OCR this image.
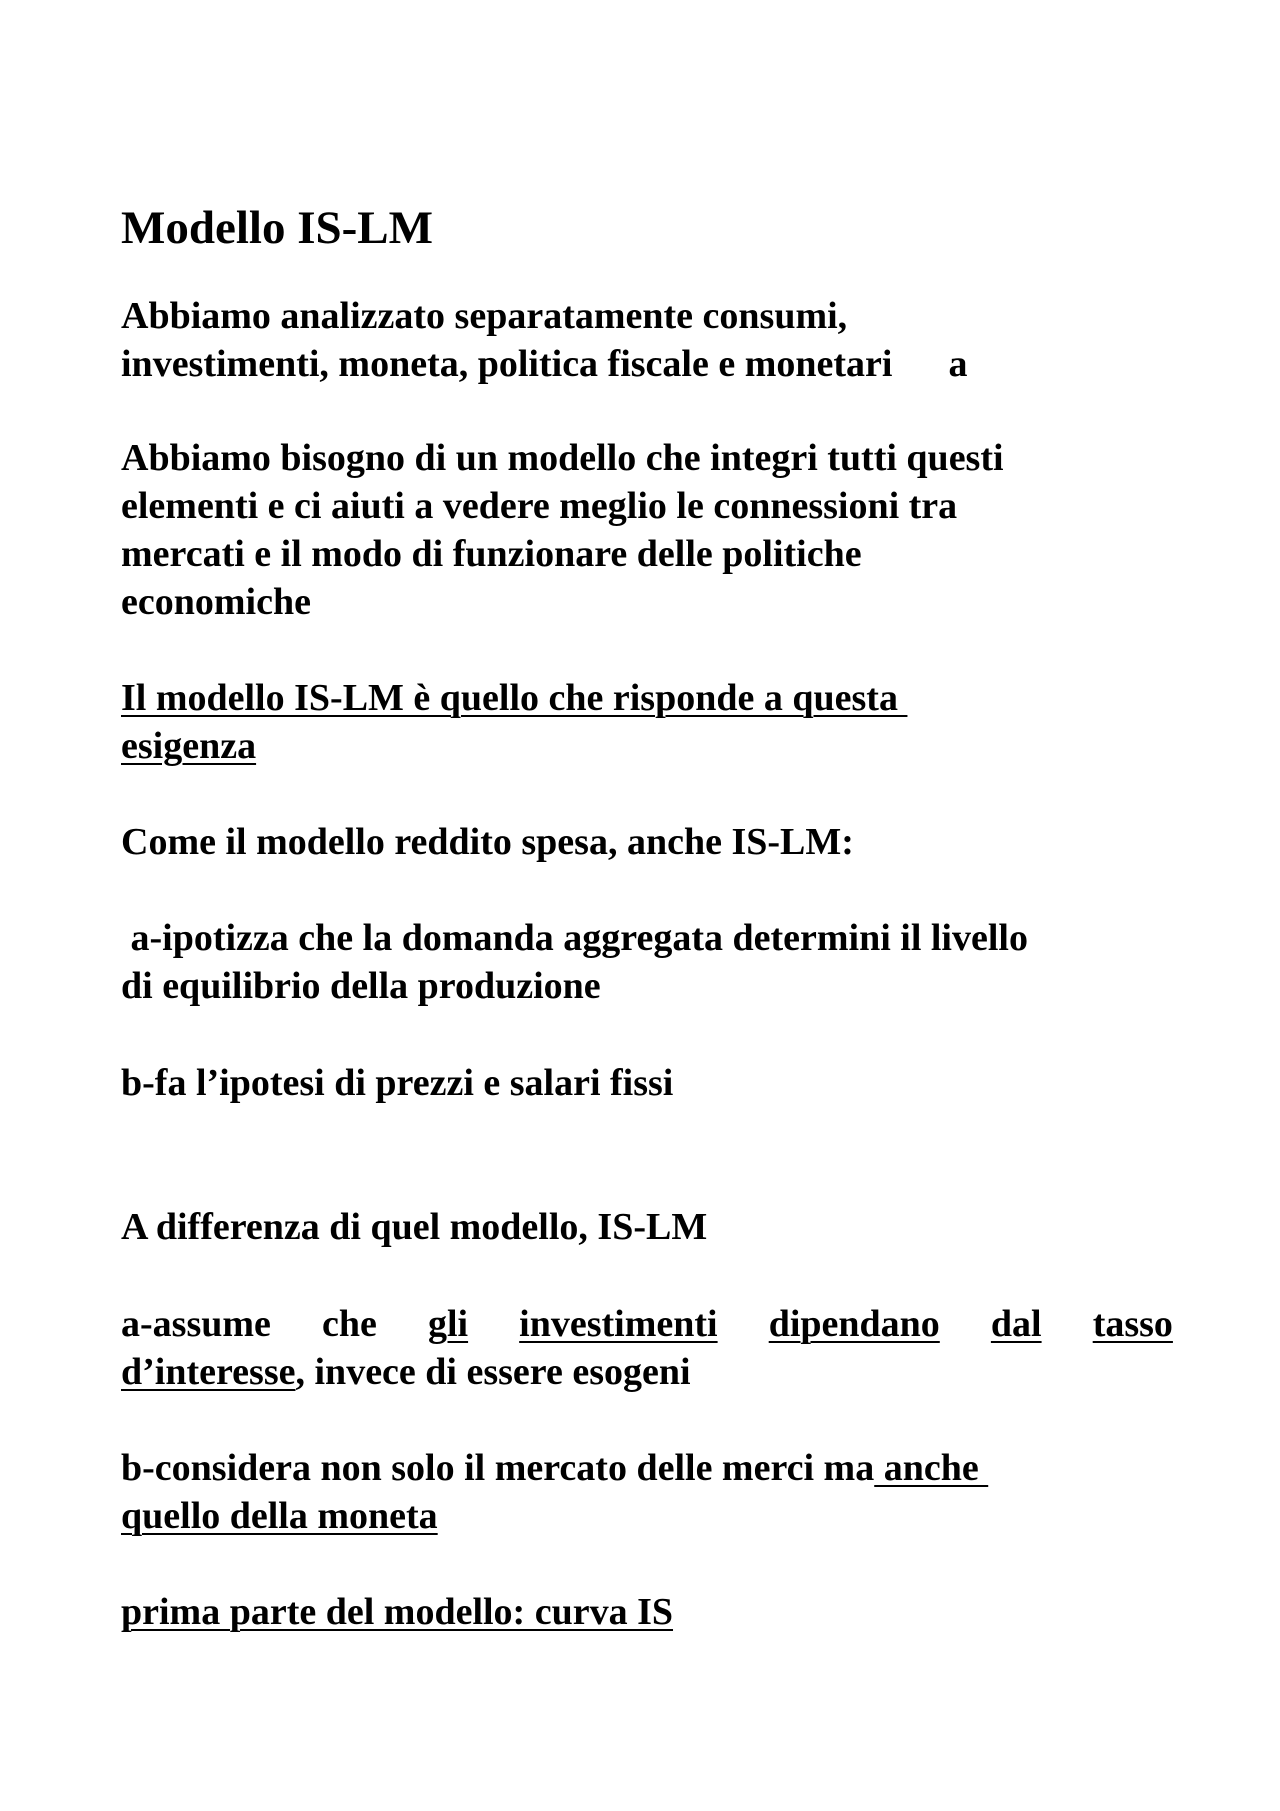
Modello IS-LM

Abbiamo analizzato separatamente consumi,
investimenti, moneta, politica fiscale e monetari a

Abbiamo bisogno di un modello che integri tutti questi
elementi e ci aiuti a vedere meglio le connessioni tra
mercati e il modo di funzionare delle politiche
economiche

Il modello IS-LM è quello che risponde a questa
esigenza

Come il modello reddito spesa, anche IS-LM:

a-ipotizza che la domanda aggregata determini il livello
di equilibrio della produzione

b-fa l’ipotesi di prezzi e salari fissi

A differenza di quel modello, IS-LM

a-assume che gli investimenti dipendano dal tasso
d’interesse, invece di essere esogeni

b-considera non solo il mercato delle merci ma anche
quello della moneta

prima parte del modello: curva IS
